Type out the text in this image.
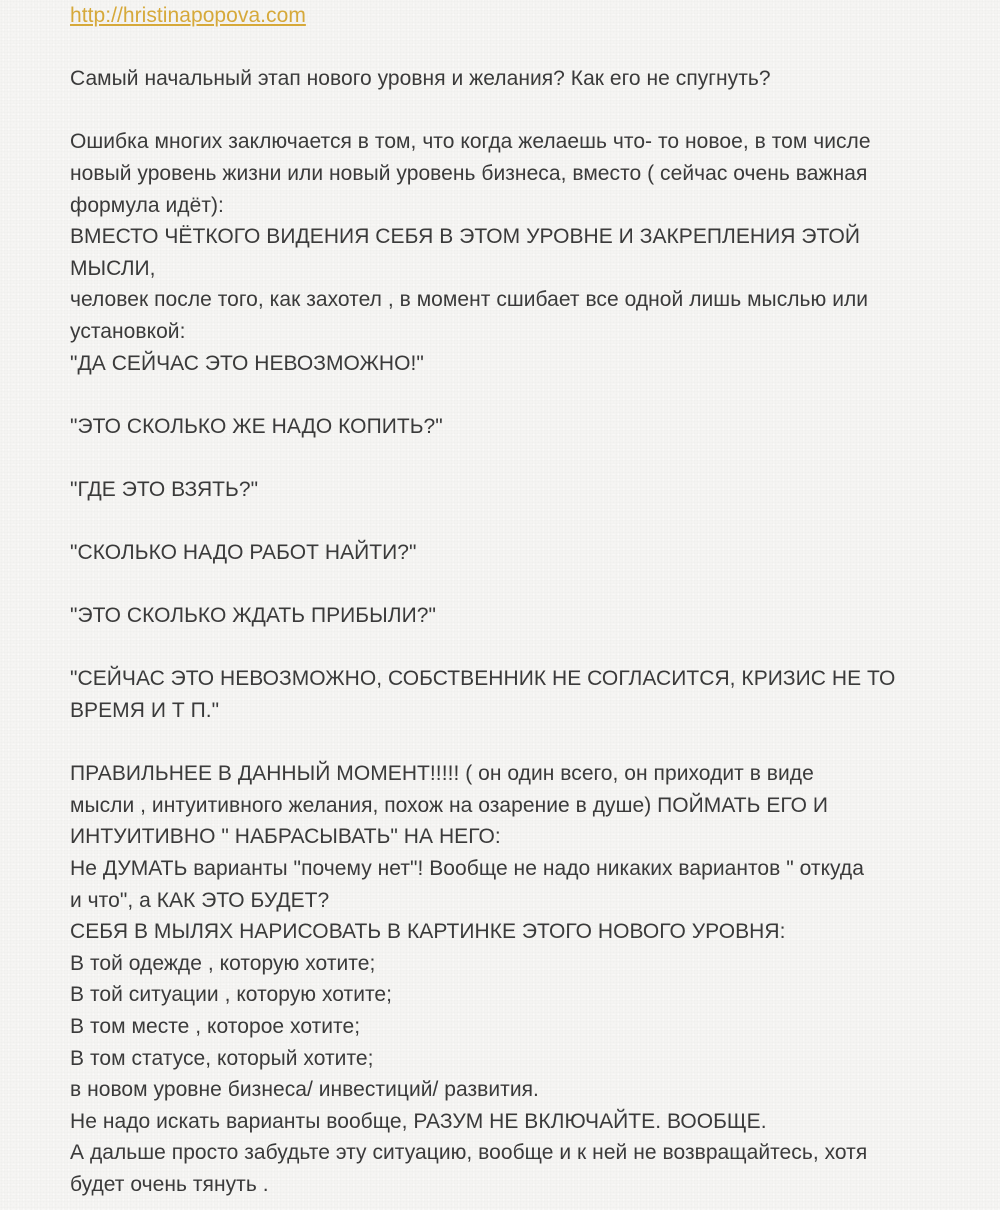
http://hristinapopova.com
Самый начальный этап нового уровня и желания? Как его не спугнуть?
Ошибка многих заключается в том, что когда желаешь что- то новое, в том числе
новый уровень жизни или новый уровень бизнеса, вместо ( сейчас очень важная
формула идёт):
ВМЕСТО ЧЁТКОГО ВИДЕНИЯ СЕБЯ В ЭТОМ УРОВНЕ И ЗАКРЕПЛЕНИЯ ЭТОЙ
МЫСЛИ,
человек после того, как захотел , в момент сшибает все одной лишь мыслью или
установкой:
"ДА СЕЙЧАС ЭТО НЕВОЗМОЖНО!"
"ЭТО СКОЛЬКО ЖЕ НАДО КОПИТЬ?"
"ГДЕ ЭТО ВЗЯТЬ?"
"СКОЛЬКО НАДО РАБОТ НАЙТИ?"
"ЭТО СКОЛЬКО ЖДАТЬ ПРИБЫЛИ?"
"СЕЙЧАС ЭТО НЕВОЗМОЖНО, СОБСТВЕННИК НЕ СОГЛАСИТСЯ, КРИЗИС НЕ ТО
ВРЕМЯ И Т П."
ПРАВИЛЬНЕЕ В ДАННЫЙ МОМЕНТ!!!!! ( он один всего, он приходит в виде
мысли , интуитивного желания, похож на озарение в душе) ПОЙМАТЬ ЕГО И
ИНТУИТИВНО " НАБРАСЫВАТЬ" НА НЕГО:
Не ДУМАТЬ варианты "почему нет"! Вообще не надо никаких вариантов " откуда
и что", а КАК ЭТО БУДЕТ?
СЕБЯ В МЫЛЯХ НАРИСОВАТЬ В КАРТИНКЕ ЭТОГО НОВОГО УРОВНЯ:
В той одежде , которую хотите;
В той ситуации , которую хотите;
В том месте , которое хотите;
В том статусе, который хотите;
в новом уровне бизнеса/ инвестиций/ развития.
Не надо искать варианты вообще, РАЗУМ НЕ ВКЛЮЧАЙТЕ. ВООБЩЕ.
А дальше просто забудьте эту ситуацию, вообще и к ней не возвращайтесь, хотя
будет очень тянуть .
